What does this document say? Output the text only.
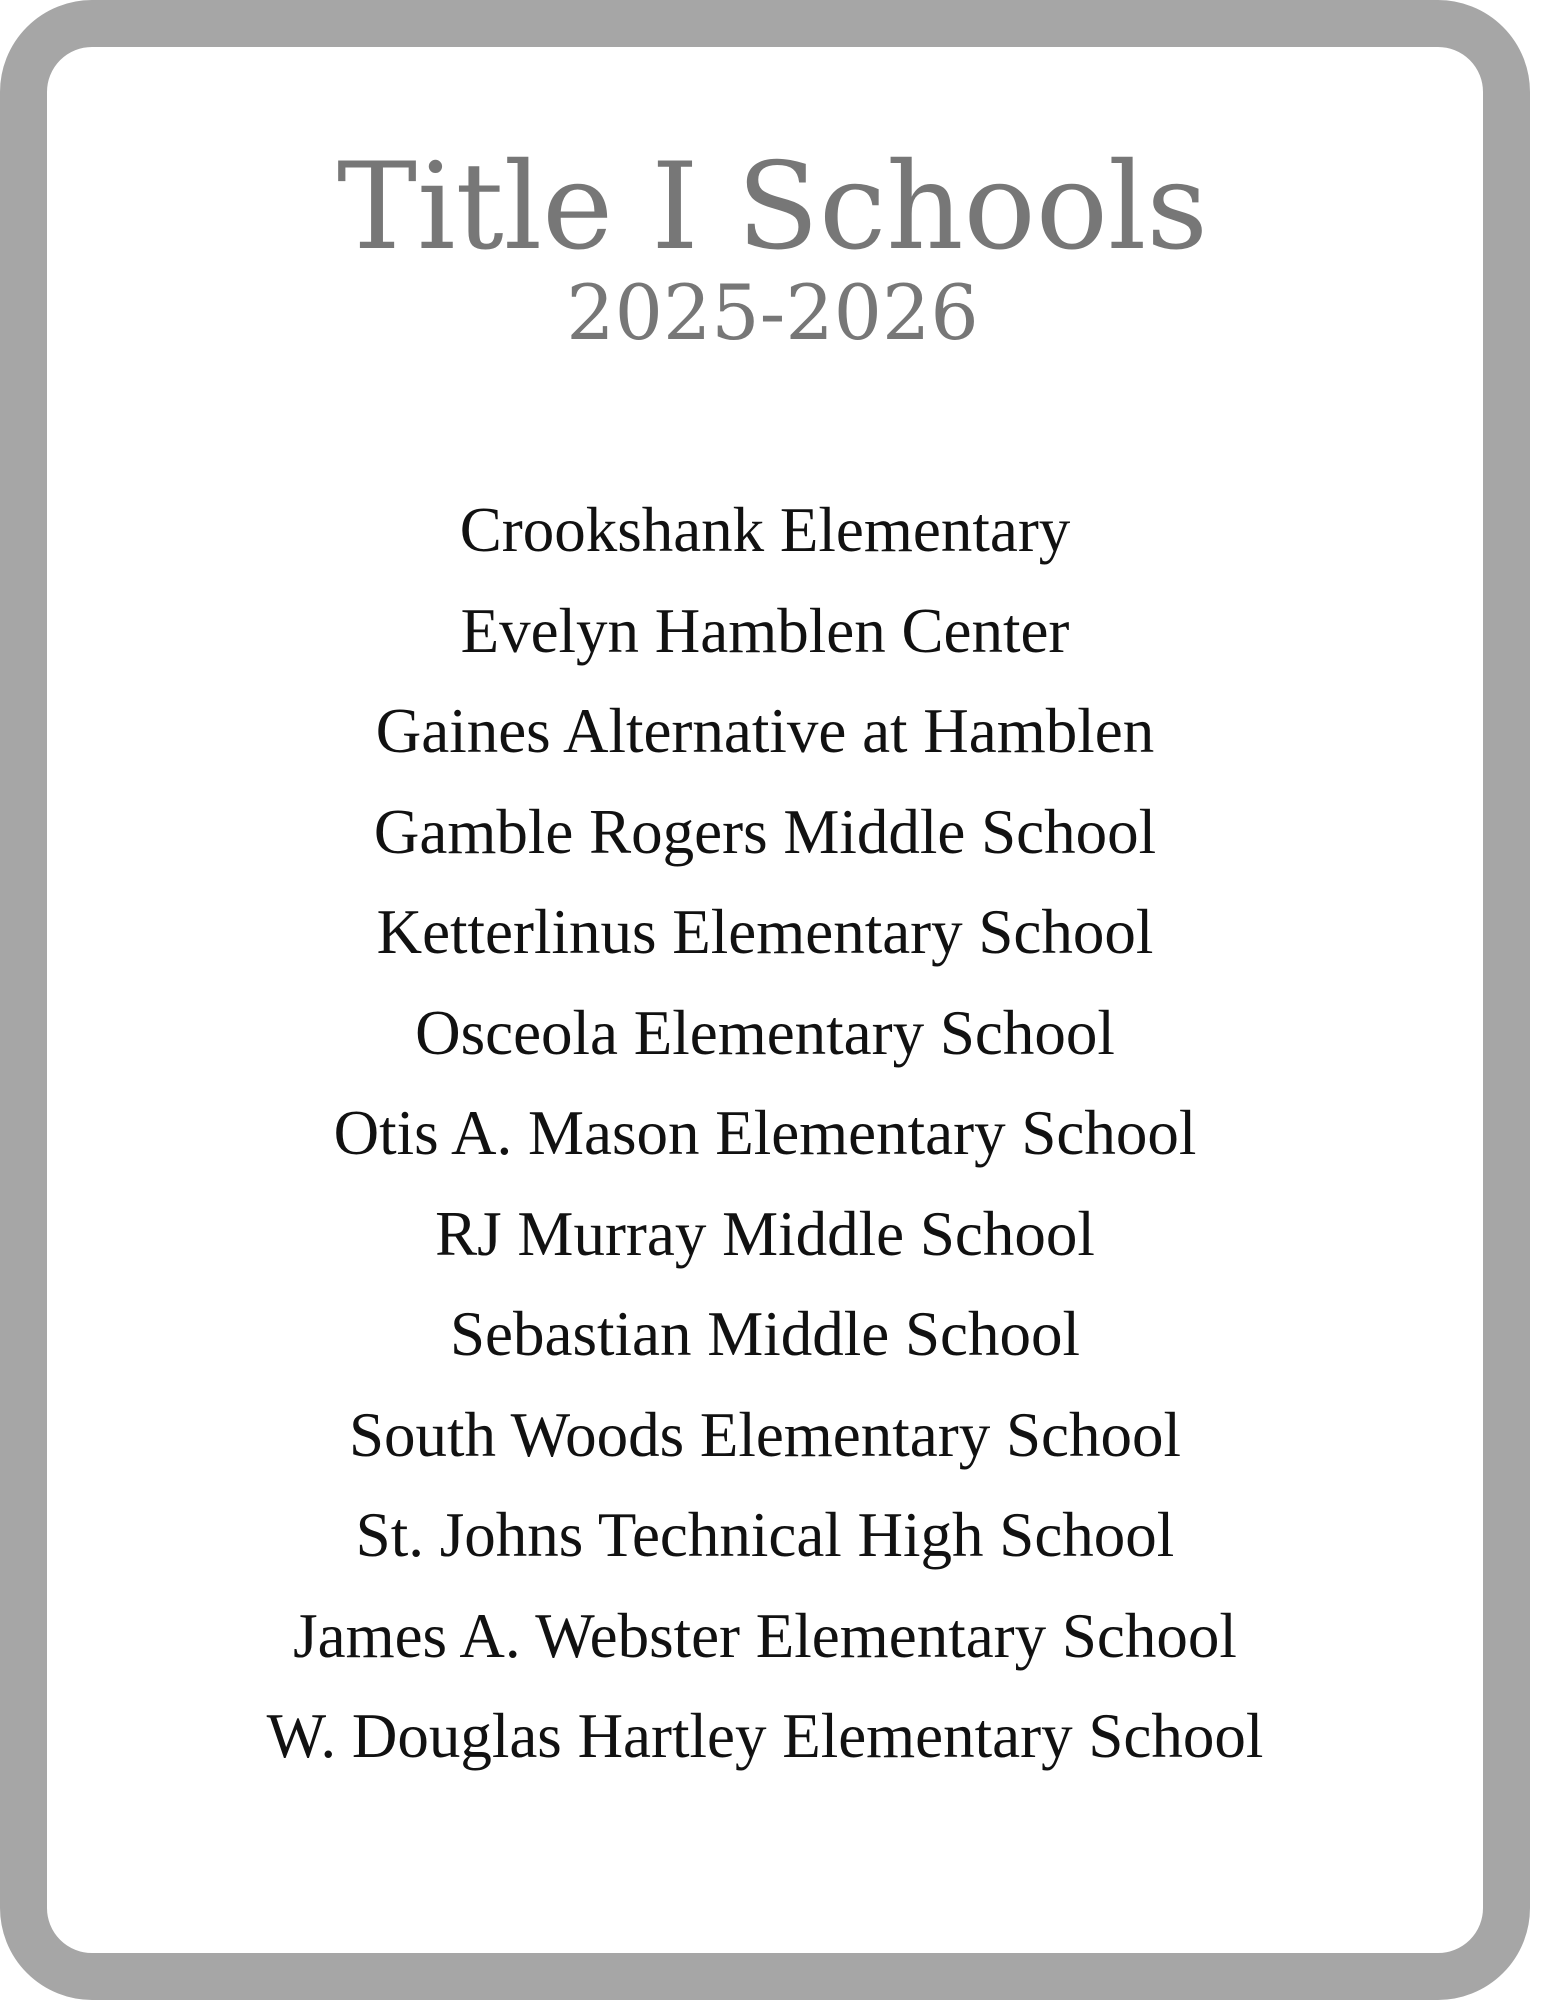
Title I Schools
2025-2026
Crookshank Elementary
Evelyn Hamblen Center
Gaines Alternative at Hamblen
Gamble Rogers Middle School
Ketterlinus Elementary School
Osceola Elementary School
Otis A. Mason Elementary School
RJ Murray Middle School
Sebastian Middle School
South Woods Elementary School
St. Johns Technical High School
James A. Webster Elementary School
W. Douglas Hartley Elementary School
